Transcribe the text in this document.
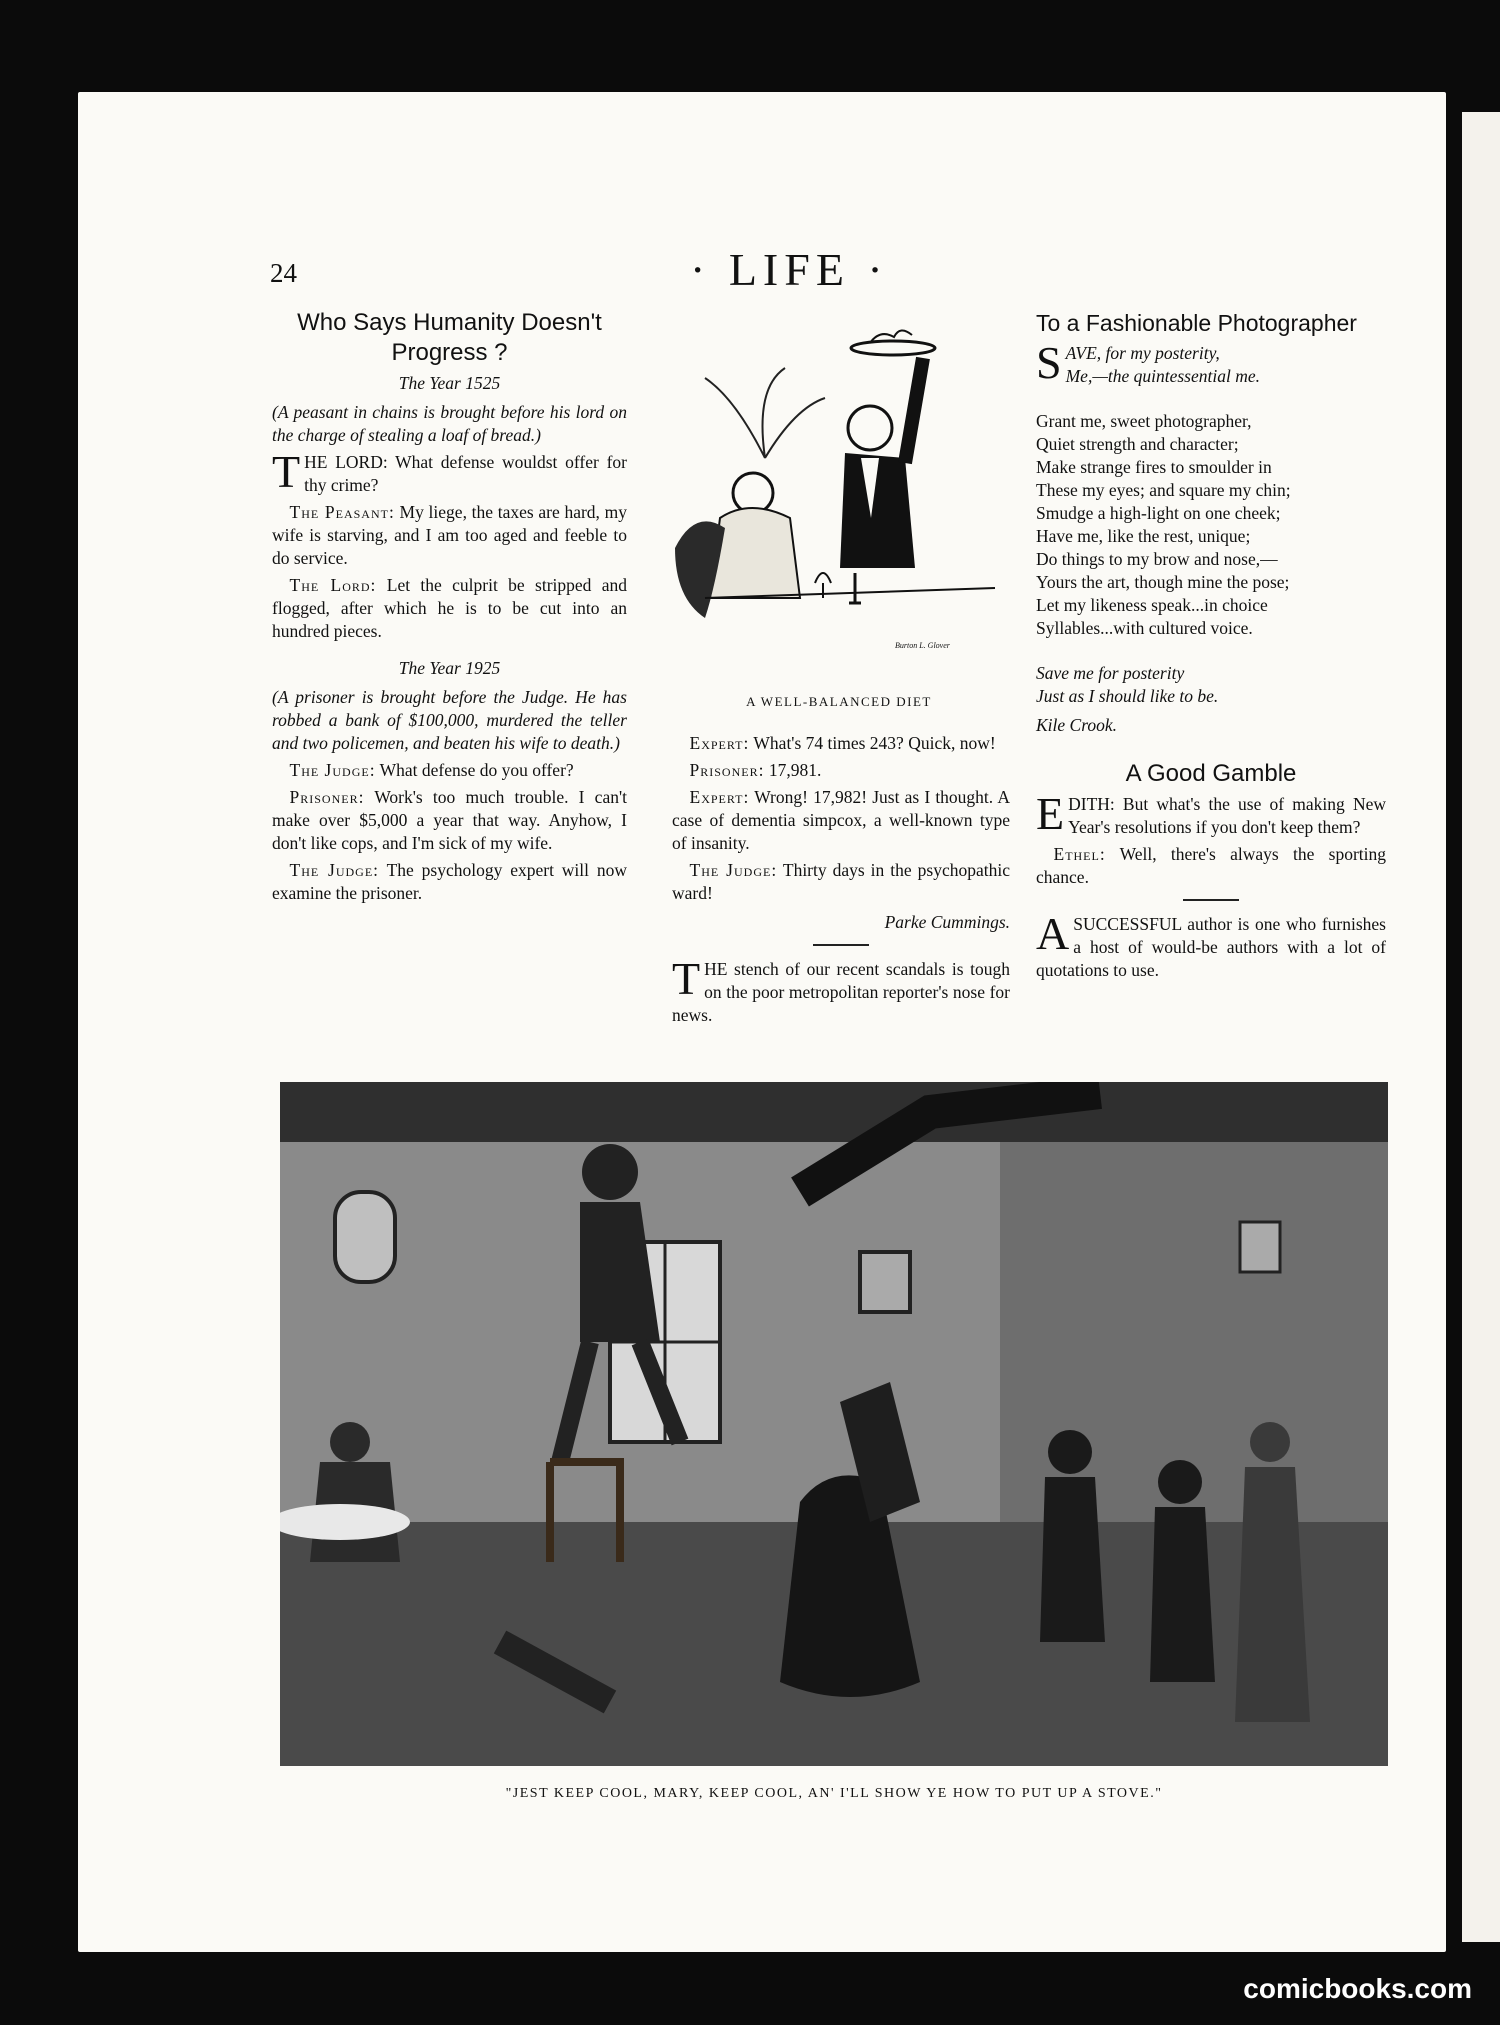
24	· LIFE ·

Who Says Humanity Doesn't Progress ?

The Year 1525

(A peasant in chains is brought before his lord on the charge of stealing a loaf of bread.)

THE LORD: What defense wouldst offer for thy crime?

 The Peasant: My liege, the taxes are hard, my wife is starving, and I am too aged and feeble to do service.

 The Lord: Let the culprit be stripped and flogged, after which he is to be cut into an hundred pieces.

The Year 1925

(A prisoner is brought before the Judge. He has robbed a bank of $100,000, murdered the teller and two policemen, and beaten his wife to death.)

 The Judge: What defense do you offer?

 Prisoner: Work's too much trouble. I can't make over $5,000 a year that way. Anyhow, I don't like cops, and I'm sick of my wife.

 The Judge: The psychology expert will now examine the prisoner.

Burton L. Glover
A WELL-BALANCED DIET

 Expert: What's 74 times 243? Quick, now!

 Prisoner: 17,981.

 Expert: Wrong! 17,982! Just as I thought. A case of dementia simpcox, a well-known type of insanity.

 The Judge: Thirty days in the psychopathic ward!

Parke Cummings.

THE stench of our recent scandals is tough on the poor metropolitan reporter's nose for news.

To a Fashionable Photographer

SAVE, for my posterity,

Me,—the quintessential me.

Grant me, sweet photographer,

Quiet strength and character;

Make strange fires to smoulder in

These my eyes; and square my chin;

Smudge a high-light on one cheek;

Have me, like the rest, unique;

Do things to my brow and nose,—

Yours the art, though mine the pose;

Let my likeness speak...in choice

Syllables...with cultured voice.

Save me for posterity

Just as I should like to be.

Kile Crook.

A Good Gamble

EDITH: But what's the use of making New Year's resolutions if you don't keep them?

 Ethel: Well, there's always the sporting chance.

ASUCCESSFUL author is one who furnishes a host of would-be authors with a lot of quotations to use.

"JEST KEEP COOL, MARY, KEEP COOL, AN' I'LL SHOW YE HOW TO PUT UP A STOVE."
comicbooks.com
